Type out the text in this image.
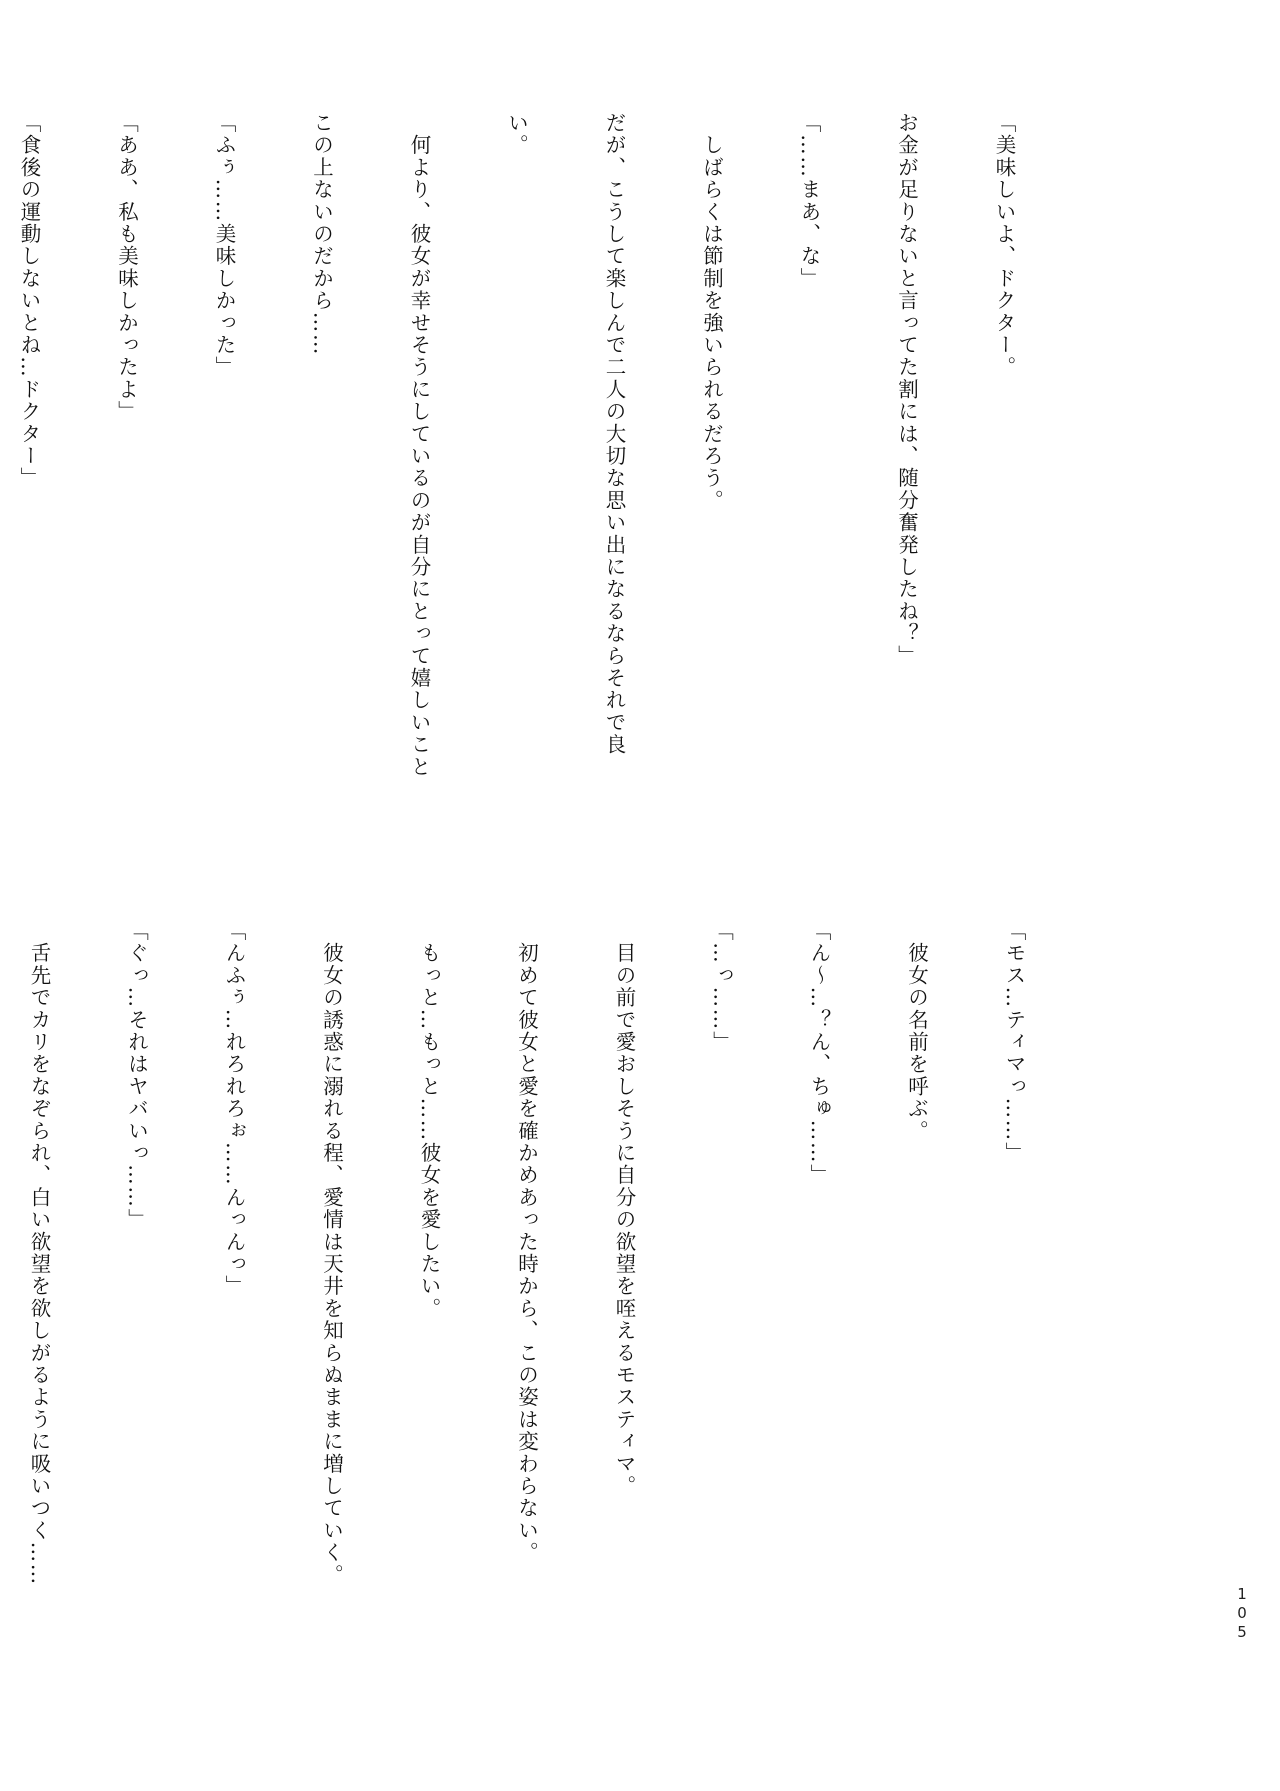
「美味しいよ、ドクター。

お金が足りないと言ってた割には、随分奮発したね？」

「……まあ、な」

　しばらくは節制を強いられるだろう。

だが、こうして楽しんで二人の大切な思い出になるならそれで良

い。

　何より、彼女が幸せそうにしているのが自分にとって嬉しいこと

この上ないのだから……

「ふぅ……美味しかった」

「ああ、私も美味しかったよ」

「食後の運動しないとね…ドクター」

「モス…ティマっ……」

　彼女の名前を呼ぶ。

「ん〜…？ん、ちゅ……」

「…っ……」

　目の前で愛おしそうに自分の欲望を咥えるモスティマ。

　初めて彼女と愛を確かめあった時から、この姿は変わらない。

　もっと…もっと……彼女を愛したい。

　彼女の誘惑に溺れる程、愛情は天井を知らぬままに増していく。

「んふぅ…れろれろぉ……んっんっ」

「ぐっ…それはヤバいっ……」

　舌先でカリをなぞられ、白い欲望を欲しがるように吸いつく……

105
